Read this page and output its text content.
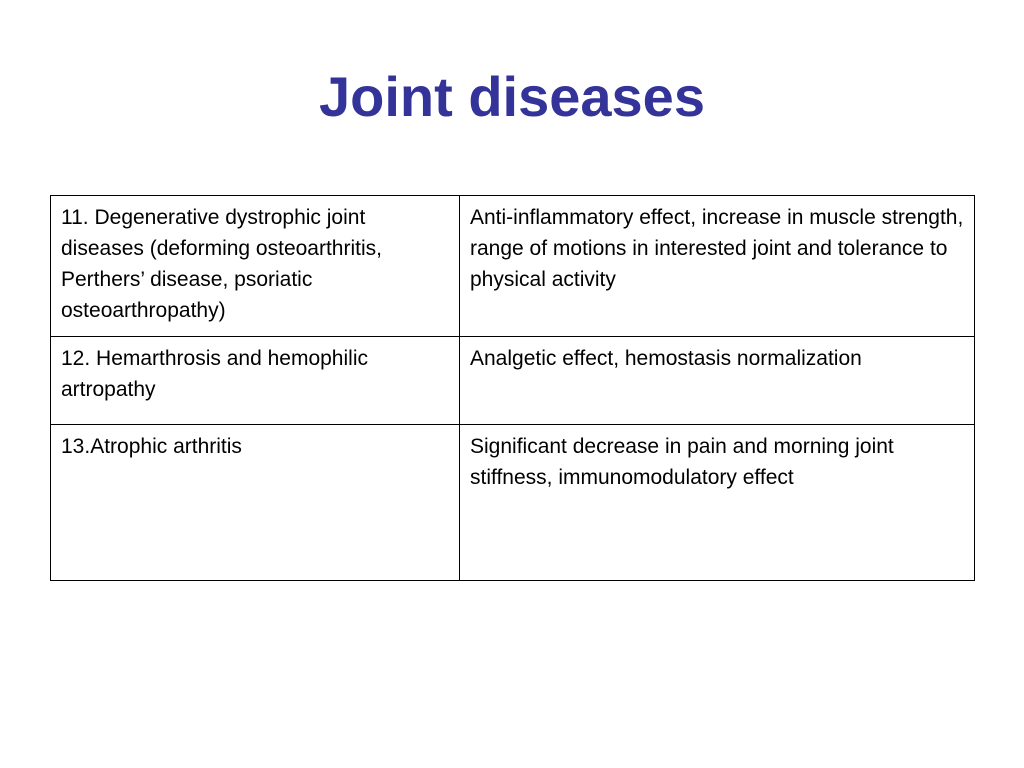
Joint diseases
11. Degenerative dystrophic joint diseases (deforming osteoarthritis, Perthers’ disease, psoriatic osteoarthropathy)	Anti-inflammatory effect, increase in muscle strength, range of motions in interested joint and tolerance to physical activity
12. Hemarthrosis and hemophilic artropathy	Analgetic effect, hemostasis normalization
13.Atrophic arthritis	Significant decrease in pain and morning joint stiffness, immunomodulatory effect
